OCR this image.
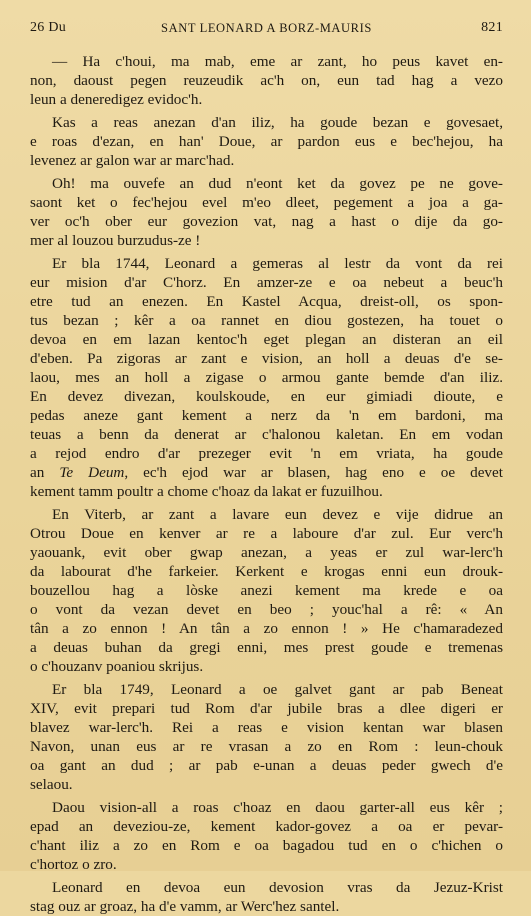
26 Du	SANT LEONARD A BORZ-MAURIS	821
— Ha c'houi, ma mab, eme ar zant, ho peus kavet en-
non, daoust pegen reuzeudik ac'h on, eun tad hag a vezo
leun a deneredigez evidoc'h.
Kas a reas anezan d'an iliz, ha goude bezan e govesaet,
e roas d'ezan, en han' Doue, ar pardon eus e bec'hejou, ha
levenez ar galon war ar marc'had.
Oh! ma ouvefe an dud n'eont ket da govez pe ne gove-
saont ket o fec'hejou evel m'eo dleet, pegement a joa a ga-
ver oc'h ober eur govezion vat, nag a hast o dije da go-
mer al louzou burzudus-ze !
Er bla 1744, Leonard a gemeras al lestr da vont da rei
eur mision d'ar C'horz. En amzer-ze e oa nebeut a beuc'h
etre tud an enezen. En Kastel Acqua, dreist-oll, os spon-
tus bezan ; kêr a oa rannet en diou gostezen, ha touet o
devoa en em lazan kentoc'h eget plegan an disteran an eil
d'eben. Pa zigoras ar zant e vision, an holl a deuas d'e se-
laou, mes an holl a zigase o armou gante bemde d'an iliz.
En devez divezan, koulskoude, en eur gimiadi dioute, e
pedas aneze gant kement a nerz da 'n em bardoni, ma
teuas a benn da denerat ar c'halonou kaletan. En em vodan
a rejod endro d'ar prezeger evit 'n em vriata, ha goude
an Te Deum, ec'h ejod war ar blasen, hag eno e oe devet
kement tamm poultr a chome c'hoaz da lakat er fuzuilhou.
En Viterb, ar zant a lavare eun devez e vije didrue an
Otrou Doue en kenver ar re a laboure d'ar zul. Eur verc'h
yaouank, evit ober gwap anezan, a yeas er zul war-lerc'h
da labourat d'he farkeier. Kerkent e krogas enni eun drouk-
bouzellou hag a lòske anezi kement ma krede e oa
o vont da vezan devet en beo ; youc'hal a rê: « An
tân a zo ennon ! An tân a zo ennon ! » He c'hamaradezed
a deuas buhan da gregi enni, mes prest goude e tremenas
o c'houzanv poaniou skrijus.
Er bla 1749, Leonard a oe galvet gant ar pab Beneat
XIV, evit prepari tud Rom d'ar jubile bras a dlee digeri er
blavez war-lerc'h. Rei a reas e vision kentan war blasen
Navon, unan eus ar re vrasan a zo en Rom : leun-chouk
oa gant an dud ; ar pab e-unan a deuas peder gwech d'e
selaou.
Daou vision-all a roas c'hoaz en daou garter-all eus kêr ;
epad an deveziou-ze, kement kador-govez a oa er pevar-
c'hant iliz a zo en Rom e oa bagadou tud en o c'hichen o
c'hortoz o zro.
Leonard en devoa eun devosion vras da Jezuz-Krist
stag ouz ar groaz, ha d'e vamm, ar Werc'hez santel.
